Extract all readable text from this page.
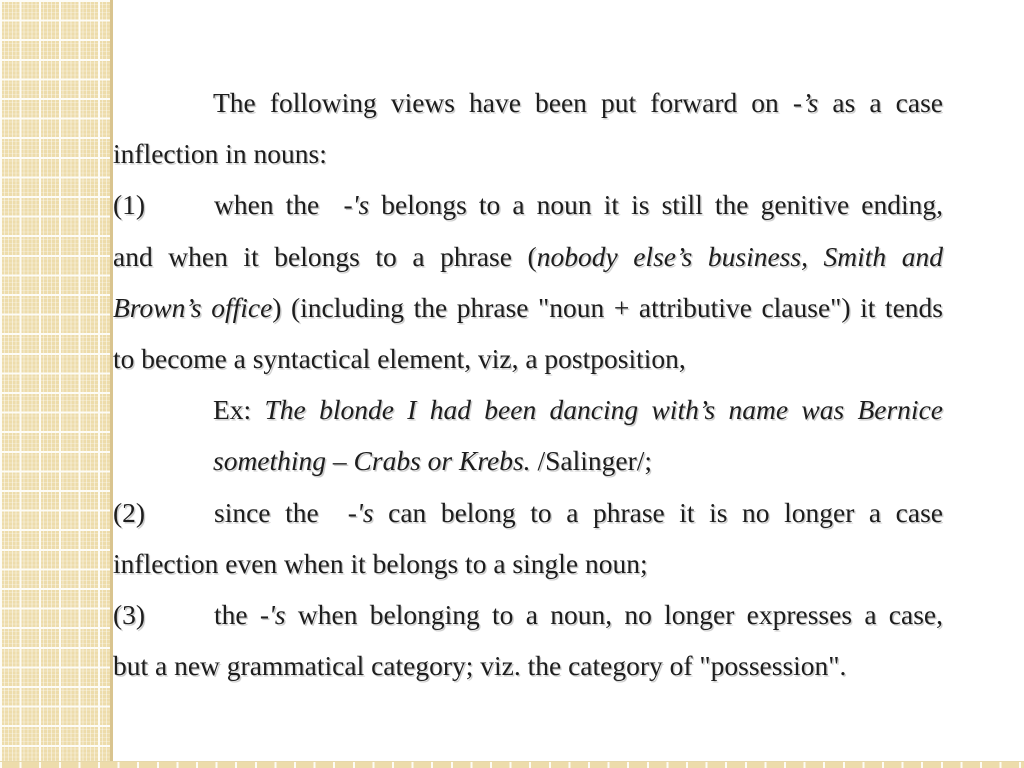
The following views have been put forward on -’s as a case
inflection in nouns:
(1)	when the  -'s belongs to a noun it is still the genitive ending,
and when it belongs to a phrase (nobody else’s business, Smith and
Brown’s office) (including the phrase "noun + attributive clause") it tends
to become a syntactical element, viz, a postposition,
Ex: The blonde I had been dancing with’s name was Bernice
something – Crabs or Krebs. /Salinger/;
(2)	since the  -'s can belong to a phrase it is no longer a case
inflection even when it belongs to a single noun;
(3)	the -'s when belonging to a noun, no longer expresses a case,
but a new grammatical category; viz. the category of "possession".
